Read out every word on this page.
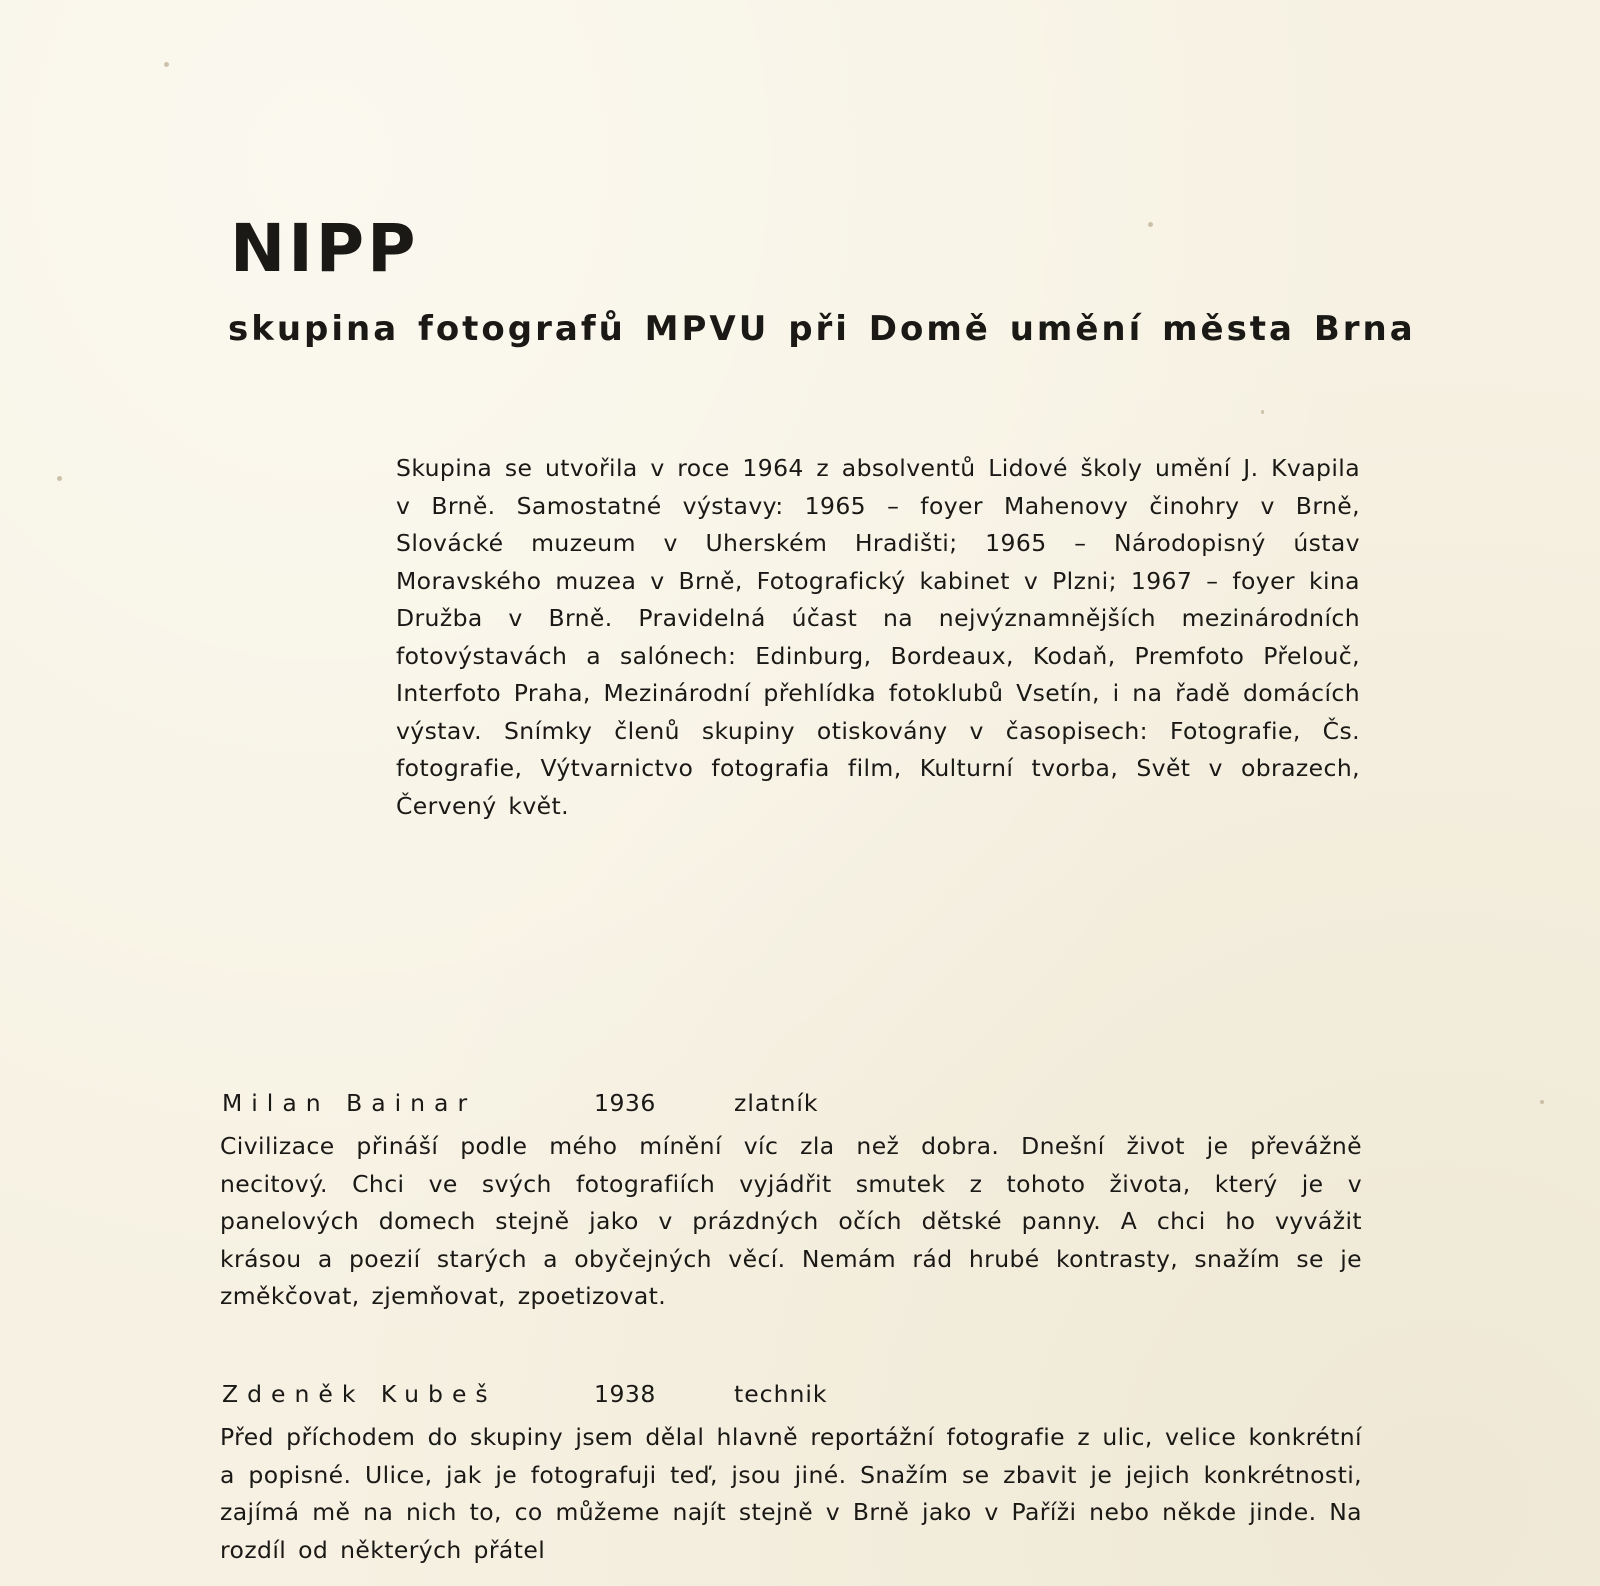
NIPP
skupina fotografů MPVU při Domě umění města Brna

Skupina se utvořila v roce 1964 z absolventů Lidové školy umění J. Kvapila v Brně. Samostatné výstavy: 1965 – foyer Mahenovy činohry v Brně, Slovácké muzeum v Uherském Hradišti; 1965 – Národopisný ústav Moravského muzea v Brně, Fotografický kabinet v Plzni; 1967 – foyer kina Družba v Brně. Pravidelná účast na nejvýznamnějších mezinárodních fotovýstavách a salónech: Edinburg, Bordeaux, Kodaň, Premfoto Přelouč, Interfoto Praha, Mezinárodní přehlídka fotoklubů Vsetín, i na řadě domácích výstav. Snímky členů skupiny otiskovány v časopisech: Fotografie, Čs. fotografie, Výtvarnictvo fotografia film, Kulturní tvorba, Svět v obrazech, Červený květ.

Milan Bainar	1936	zlatník

Civilizace přináší podle mého mínění víc zla než dobra. Dnešní život je převážně necitový. Chci ve svých fotografiích vyjádřit smutek z tohoto života, který je v panelových domech stejně jako v prázdných očích dětské panny. A chci ho vyvážit krásou a poezií starých a obyčejných věcí. Nemám rád hrubé kontrasty, snažím se je změkčovat, zjemňovat, zpoetizovat.

Zdeněk Kubeš	1938	technik

Před příchodem do skupiny jsem dělal hlavně reportážní fotografie z ulic, velice konkrétní a popisné. Ulice, jak je fotografuji teď, jsou jiné. Snažím se zbavit je jejich konkrétnosti, zajímá mě na nich to, co můžeme najít stejně v Brně jako v Paříži nebo někde jinde. Na rozdíl od některých přátel
